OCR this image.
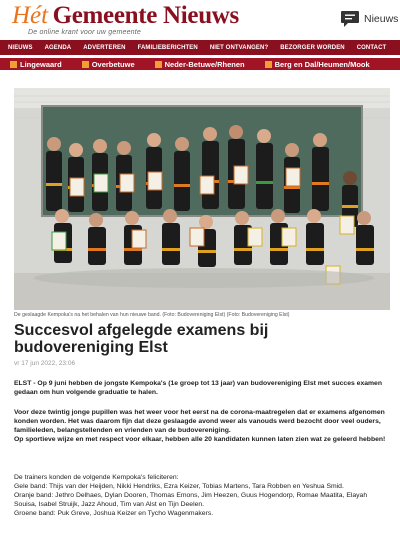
Hét Gemeente Nieuws
De online krant voor uw gemeente
Nieuws
NIEUWS AGENDA ADVERTEREN FAMILIEBERICHTEN NIET ONTVANGEN? BEZORGER WORDEN CONTACT
Lingewaard	Overbetuwe	Neder-Betuwe/Rhenen	Berg en Dal/Heumen/Mook
De geslaagde Kempoka's na het behalen van hun nieuwe band. (Foto: Budovereniging Elst) (Foto: Budovereniging Elst)
Succesvol afgelegde examens bij budovereniging Elst
vr 17 jun 2022, 23:06

ELST - Op 9 juni hebben de jongste Kempoka's (1e groep tot 13 jaar) van budovereniging Elst met succes examen gedaan om hun volgende graduatie te halen.

Voor deze twintig jonge pupillen was het weer voor het eerst na de corona-maatregelen dat er examens afgenomen konden worden. Het was daarom fijn dat deze geslaagde avond weer als vanouds werd bezocht door veel ouders, familieleden, belangstellenden en vrienden van de budovereniging.
Op sportieve wijze en met respect voor elkaar, hebben alle 20 kandidaten kunnen laten zien wat ze geleerd hebben!
De trainers konden de volgende Kempoka's feliciteren:
Gele band: Thijs van der Heijden, Nikki Hendriks, Ezra Keizer, Tobias Martens, Tara Robben en Yeshua Smid.
Oranje band: Jethro Delhaes, Dylan Dooren, Thomas Emons, Jim Heezen, Guus Hogendorp, Romae Maatita, Elayah
Souisa, Isabel Struijk, Jazz Ahoud, Tim van Alst en Tijn Deelen.
Groene band: Puk Greve, Joshua Keizer en Tycho Wagenmakers.
